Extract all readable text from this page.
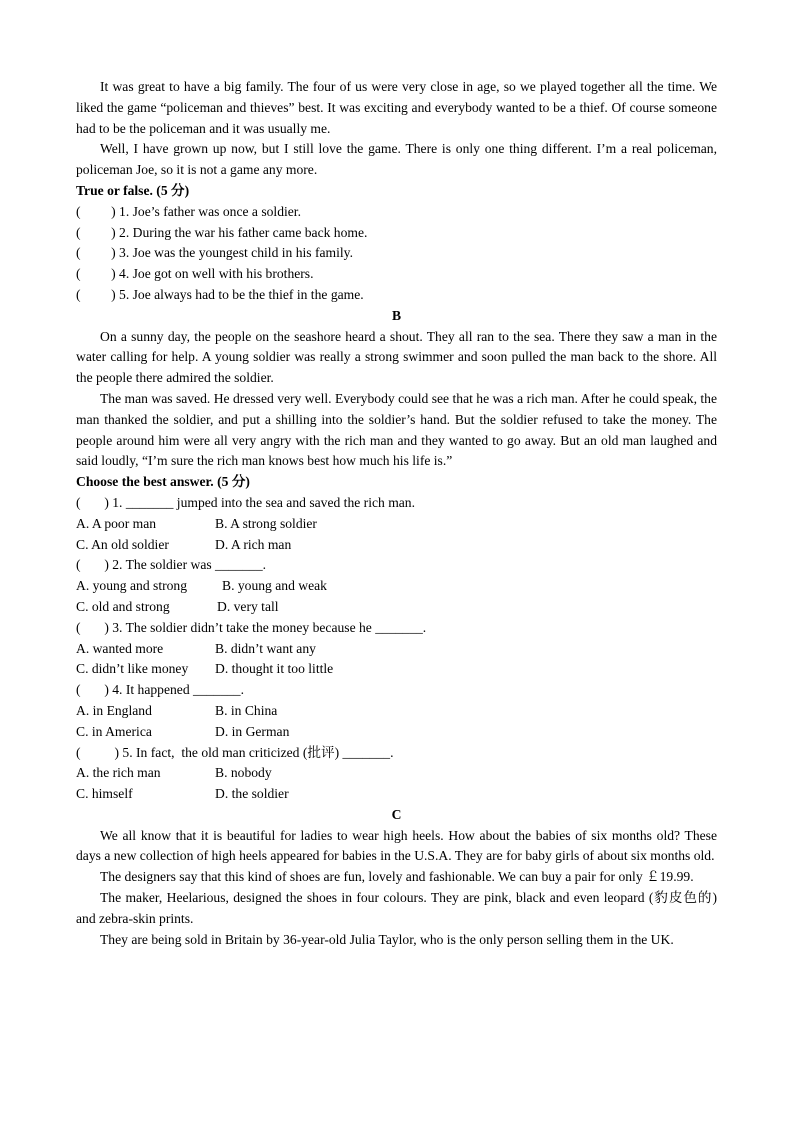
It was great to have a big family. The four of us were very close in age, so we played together all the time. We liked the game “policeman and thieves” best. It was exciting and everybody wanted to be a thief. Of course someone had to be the policeman and it was usually me.

Well, I have grown up now, but I still love the game. There is only one thing different. I’m a real policeman, policeman Joe, so it is not a game any more.

True or false. (5 分)

(         ) 1. Joe’s father was once a soldier.

(         ) 2. During the war his father came back home.

(         ) 3. Joe was the youngest child in his family.

(         ) 4. Joe got on well with his brothers.

(         ) 5. Joe always had to be the thief in the game.

B

On a sunny day, the people on the seashore heard a shout. They all ran to the sea. There they saw a man in the water calling for help. A young soldier was really a strong swimmer and soon pulled the man back to the shore. All the people there admired the soldier.

The man was saved. He dressed very well. Everybody could see that he was a rich man. After he could speak, the man thanked the soldier, and put a shilling into the soldier’s hand. But the soldier refused to take the money. The people around him were all very angry with the rich man and they wanted to go away. But an old man laughed and said loudly, “I’m sure the rich man knows best how much his life is.”

Choose the best answer. (5 分)

(       ) 1. _______ jumped into the sea and saved the rich man.

A. A poor man	B. A strong soldier
C. An old soldier	D. A rich man

(       ) 2. The soldier was _______.

A. young and strong	B. young and weak
C. old and strong	D. very tall

(       ) 3. The soldier didn’t take the money because he _______.

A. wanted more	B. didn’t want any
C. didn’t like money	D. thought it too little

(       ) 4. It happened _______.

A. in England	B. in China
C. in America	D. in German

(          ) 5. In fact,  the old man criticized (批评) _______.

A. the rich man	B. nobody
C. himself	D. the soldier

C

We all know that it is beautiful for ladies to wear high heels. How about the babies of six months old? These days a new collection of high heels appeared for babies in the U.S.A. They are for baby girls of about six months old.

The designers say that this kind of shoes are fun, lovely and fashionable. We can buy a pair for only ￡19.99.

The maker, Heelarious, designed the shoes in four colours. They are pink, black and even leopard (豹皮色的) and zebra-skin prints.

They are being sold in Britain by 36-year-old Julia Taylor, who is the only person selling them in the UK.
